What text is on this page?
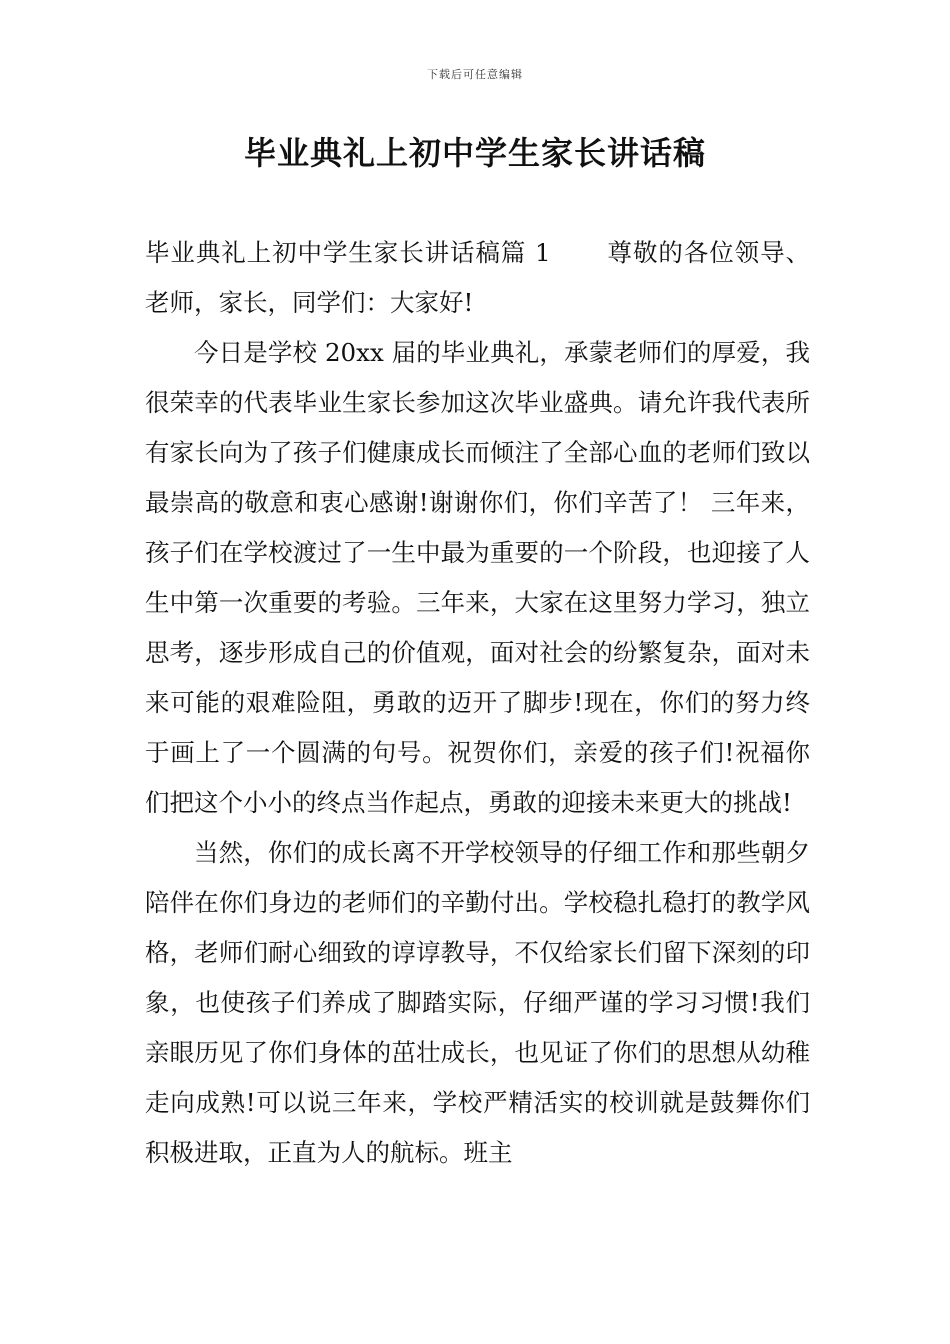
下载后可任意编辑
毕业典礼上初中学生家长讲话稿

毕业典礼上初中学生家长讲话稿篇 1 尊敬的各位领导、老师，家长，同学们：大家好!

今日是学校 20xx 届的毕业典礼，承蒙老师们的厚爱，我很荣幸的代表毕业生家长参加这次毕业盛典。请允许我代表所有家长向为了孩子们健康成长而倾注了全部心血的老师们致以最崇高的敬意和衷心感谢!谢谢你们，你们辛苦了！ 三年来，孩子们在学校渡过了一生中最为重要的一个阶段，也迎接了人生中第一次重要的考验。三年来，大家在这里努力学习，独立思考，逐步形成自己的价值观，面对社会的纷繁复杂，面对未来可能的艰难险阻，勇敢的迈开了脚步!现在，你们的努力终于画上了一个圆满的句号。祝贺你们，亲爱的孩子们!祝福你们把这个小小的终点当作起点，勇敢的迎接未来更大的挑战!

当然，你们的成长离不开学校领导的仔细工作和那些朝夕陪伴在你们身边的老师们的辛勤付出。学校稳扎稳打的教学风格，老师们耐心细致的谆谆教导，不仅给家长们留下深刻的印象，也使孩子们养成了脚踏实际，仔细严谨的学习习惯!我们亲眼历见了你们身体的茁壮成长，也见证了你们的思想从幼稚走向成熟!可以说三年来，学校严精活实的校训就是鼓舞你们积极进取，正直为人的航标。班主
